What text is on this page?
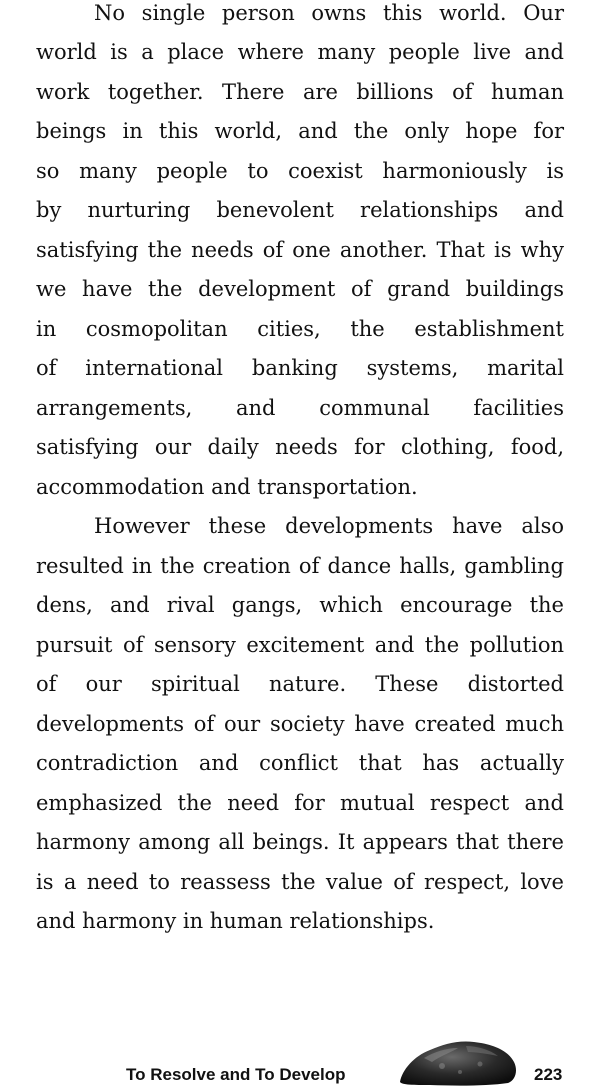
No single person owns this world. Our
world is a place where many people live and
work together. There are billions of human
beings in this world, and the only hope for
so many people to coexist harmoniously is
by nurturing benevolent relationships and
satisfying the needs of one another. That is why
we have the development of grand buildings
in cosmopolitan cities, the establishment
of international banking systems, marital
arrangements, and communal facilities
satisfying our daily needs for clothing, food,
accommodation and transportation.
However these developments have also
resulted in the creation of dance halls, gambling
dens, and rival gangs, which encourage the
pursuit of sensory excitement and the pollution
of our spiritual nature. These distorted
developments of our society have created much
contradiction and conflict that has actually
emphasized the need for mutual respect and
harmony among all beings. It appears that there
is a need to reassess the value of respect, love
and harmony in human relationships.
To Resolve and To Develop	223
